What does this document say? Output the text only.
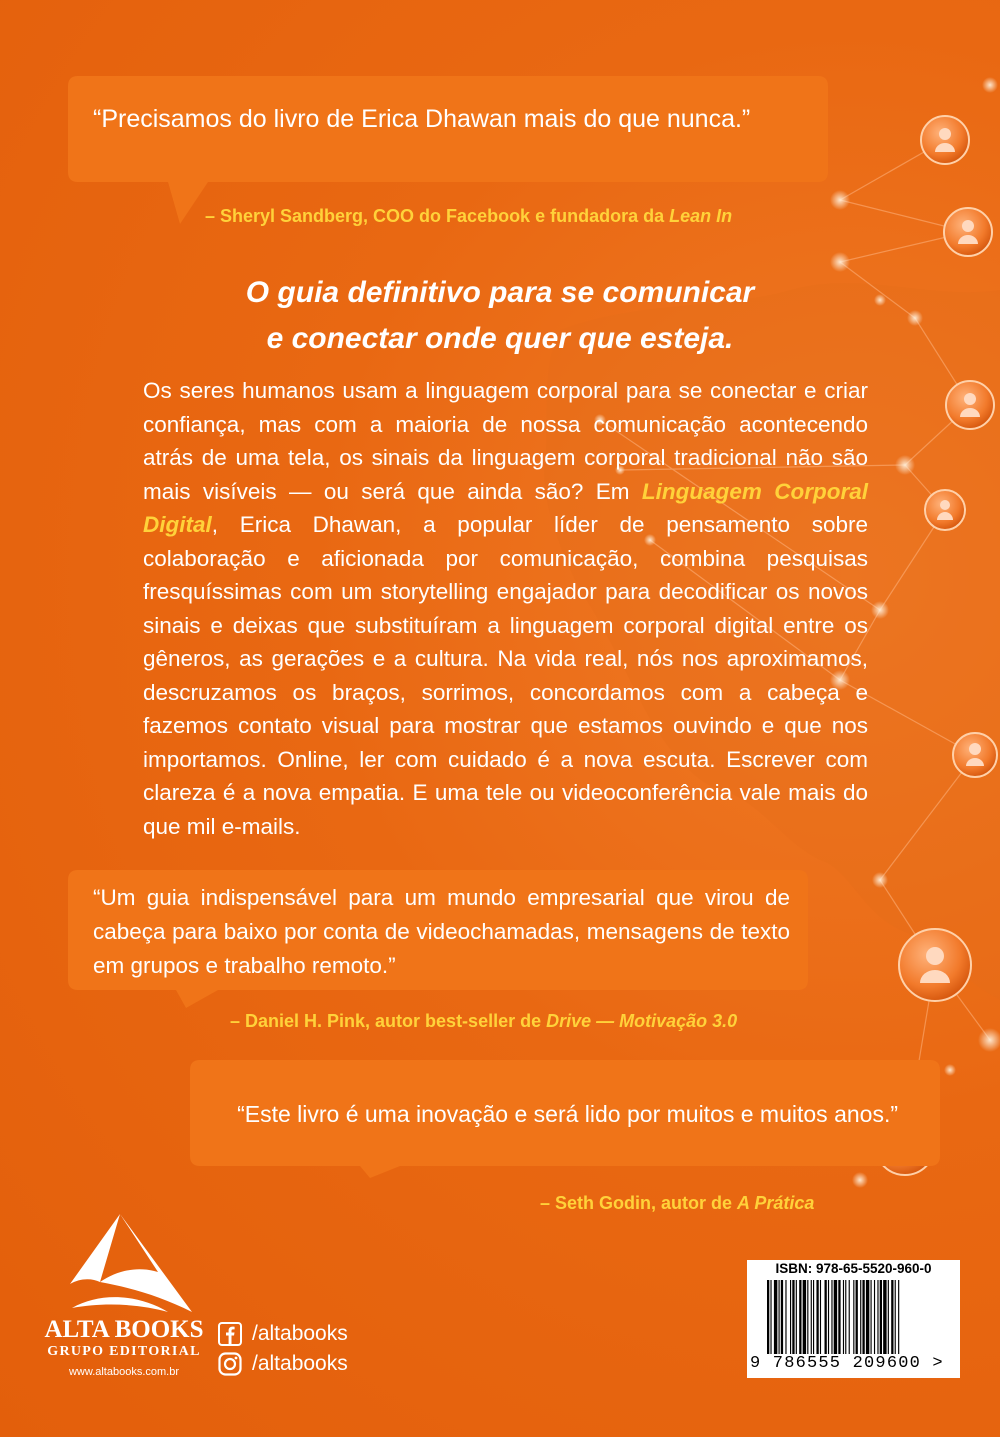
“Precisamos do livro de Erica Dhawan mais do que nunca.”
– Sheryl Sandberg, COO do Facebook e fundadora da Lean In
O guia definitivo para se comunicar
e conectar onde quer que esteja.
Os seres humanos usam a linguagem corporal para se conectar e criar confiança, mas com a maioria de nossa comunicação acontecendo atrás de uma tela, os sinais da linguagem corporal tradicional não são mais visíveis — ou será que ainda são? Em Linguagem Corporal Digital, Erica Dhawan, a popular líder de pensamento sobre colaboração e aficionada por comunicação, combina pesquisas fresquíssimas com um storytelling engajador para decodificar os novos sinais e deixas que substituíram a linguagem corporal digital entre os gêneros, as gerações e a cultura. Na vida real, nós nos aproximamos, descruzamos os braços, sorrimos, concordamos com a cabeça e fazemos contato visual para mostrar que estamos ouvindo e que nos importamos. Online, ler com cuidado é a nova escuta. Escrever com clareza é a nova empatia. E uma tele ou videoconferência vale mais do que mil e-mails.
“Um guia indispensável para um mundo empresarial que virou de cabeça para baixo por conta de videochamadas, mensagens de texto em grupos e trabalho remoto.”
– Daniel H. Pink, autor best-seller de Drive — Motivação 3.0
“Este livro é uma inovação e será lido por muitos e muitos anos.”
– Seth Godin, autor de A Prática
ALTA BOOKS
GRUPO EDITORIAL
www.altabooks.com.br
/altabooks
/altabooks
ISBN: 978-65-5520-960-0
9 786555 209600 >
